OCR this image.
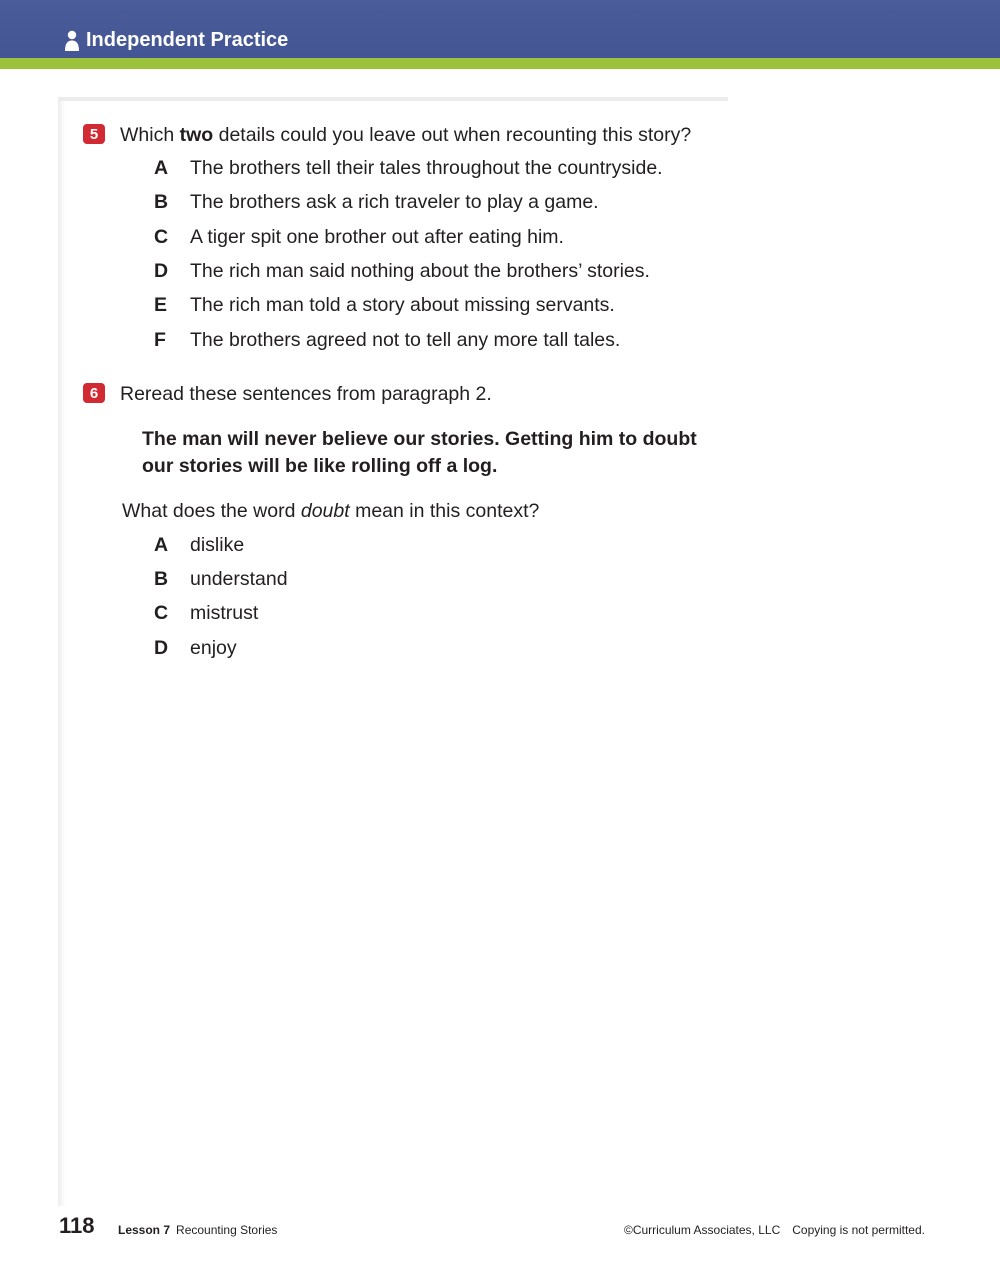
Independent Practice
5	Which two details could you leave out when recounting this story?
A The brothers tell their tales throughout the countryside.
B The brothers ask a rich traveler to play a game.
C A tiger spit one brother out after eating him.
D The rich man said nothing about the brothers’ stories.
E The rich man told a story about missing servants.
F The brothers agreed not to tell any more tall tales.
6	Reread these sentences from paragraph 2.
The man will never believe our stories. Getting him to doubt
our stories will be like rolling off a log.
What does the word doubt mean in this context?
A dislike
B understand
C mistrust
D enjoy
118 Lesson 7 Recounting Stories	©Curriculum Associates, LLC Copying is not permitted.
